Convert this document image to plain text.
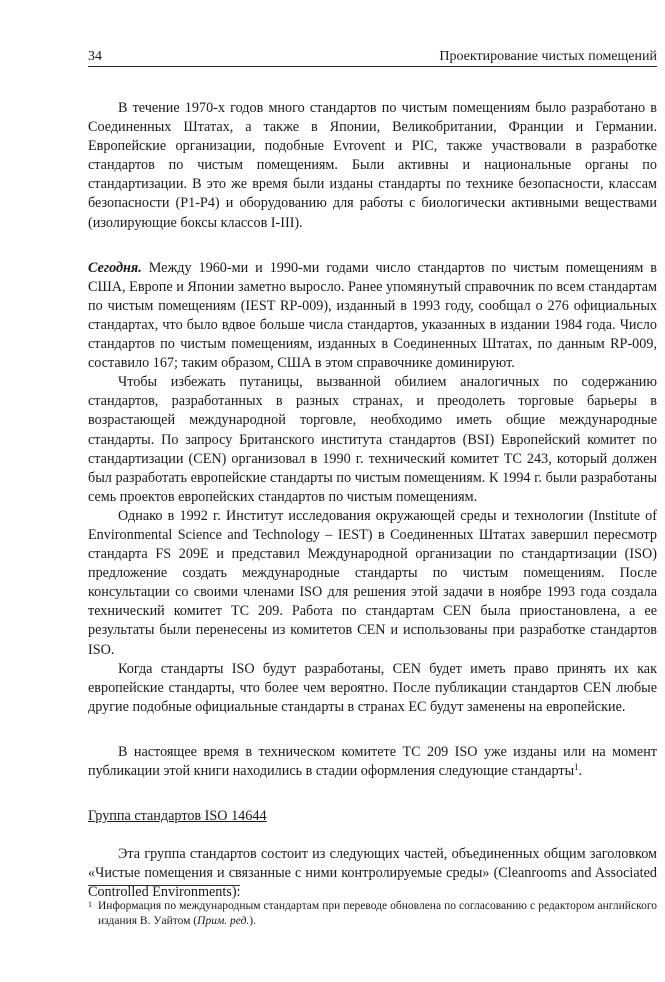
34	Проектирование чистых помещений

В течение 1970-х годов много стандартов по чистым помещениям было разработано в Соединенных Штатах, а также в Японии, Великобритании, Франции и Германии. Европейские организации, подобные Evrovent и PIC, также участвовали в разработке стандартов по чистым помещениям. Были активны и национальные органы по стандартизации. В это же время были изданы стандарты по технике безопасности, классам безопасности (P1-P4) и оборудованию для работы с биологически активными веществами (изолирующие боксы классов I-III).

Сегодня. Между 1960-ми и 1990-ми годами число стандартов по чистым помещениям в США, Европе и Японии заметно выросло. Ранее упомянутый справочник по всем стандартам по чистым помещениям (IEST RP-009), изданный в 1993 году, сообщал о 276 официальных стандартах, что было вдвое больше числа стандартов, указанных в издании 1984 года. Число стандартов по чистым помещениям, изданных в Соединенных Штатах, по данным RP-009, составило 167; таким образом, США в этом справочнике доминируют.

Чтобы избежать путаницы, вызванной обилием аналогичных по содержанию стандартов, разработанных в разных странах, и преодолеть торговые барьеры в возрастающей международной торговле, необходимо иметь общие международные стандарты. По запросу Британского института стандартов (BSI) Европейский комитет по стандартизации (CEN) организовал в 1990 г. технический комитет TC 243, который должен был разработать европейские стандарты по чистым помещениям. К 1994 г. были разработаны семь проектов европейских стандартов по чистым помещениям.

Однако в 1992 г. Институт исследования окружающей среды и технологии (Institute of Environmental Science and Technology – IEST) в Соединенных Штатах завершил пересмотр стандарта FS 209E и представил Международной организации по стандартизации (ISO) предложение создать международные стандарты по чистым помещениям. После консультации со своими членами ISO для решения этой задачи в ноябре 1993 года создала технический комитет TC 209. Работа по стандартам CEN была приостановлена, а ее результаты были перенесены из комитетов CEN и использованы при разработке стандартов ISO.

Когда стандарты ISO будут разработаны, CEN будет иметь право принять их как европейские стандарты, что более чем вероятно. После публикации стандартов CEN любые другие подобные официальные стандарты в странах ЕС будут заменены на европейские.

В настоящее время в техническом комитете TC 209 ISO уже изданы или на момент публикации этой книги находились в стадии оформления следующие стандарты$^1$.

Группа стандартов ISO 14644

Эта группа стандартов состоит из следующих частей, объединенных общим заголовком «Чистые помещения и связанные с ними контролируемые среды» (Cleanrooms and Associated Controlled Environments):

1 Информация по международным стандартам при переводе обновлена по согласованию с редактором английского издания В. Уайтом (Прим. ред.).
